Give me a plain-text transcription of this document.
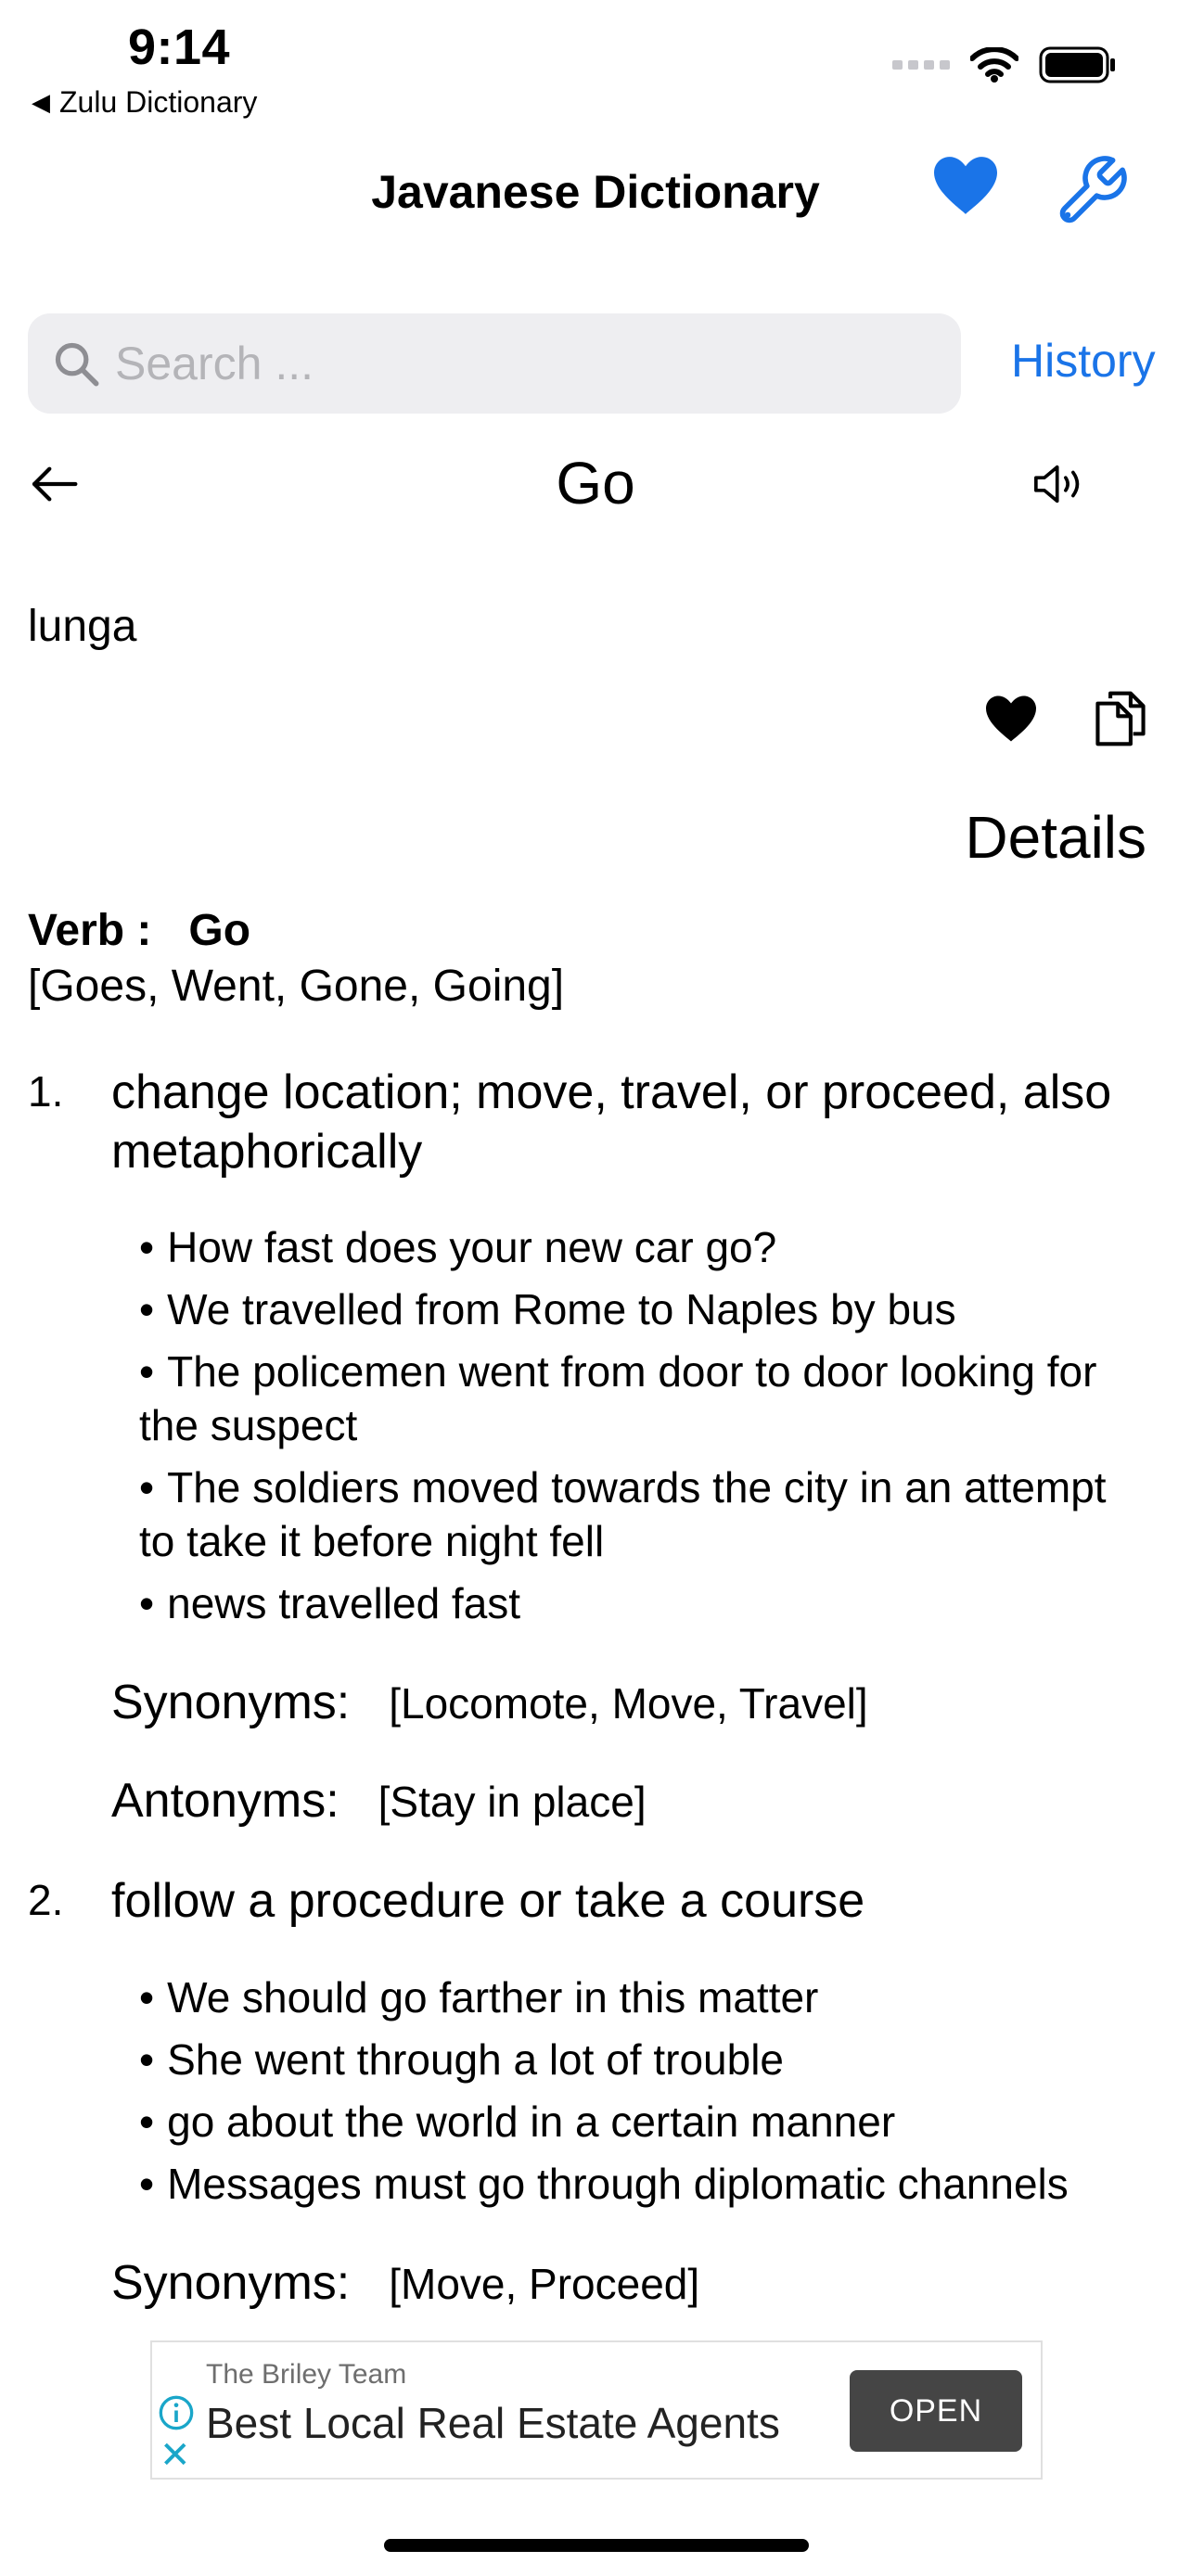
9:14
◀ Zulu Dictionary
Javanese Dictionary
Search ...
History
Go
lunga
Details
Verb : Go
[Goes, Went, Gone, Going]
1. change location; move, travel, or proceed, also metaphorically
• How fast does your new car go?
• We travelled from Rome to Naples by bus
• The policemen went from door to door looking for the suspect
• The soldiers moved towards the city in an attempt to take it before night fell
• news travelled fast
Synonyms: [Locomote, Move, Travel]
Antonyms: [Stay in place]
2. follow a procedure or take a course
• We should go farther in this matter
• She went through a lot of trouble
• go about the world in a certain manner
• Messages must go through diplomatic channels
Synonyms: [Move, Proceed]
✕
The Briley Team
Best Local Real Estate Agents	OPEN
